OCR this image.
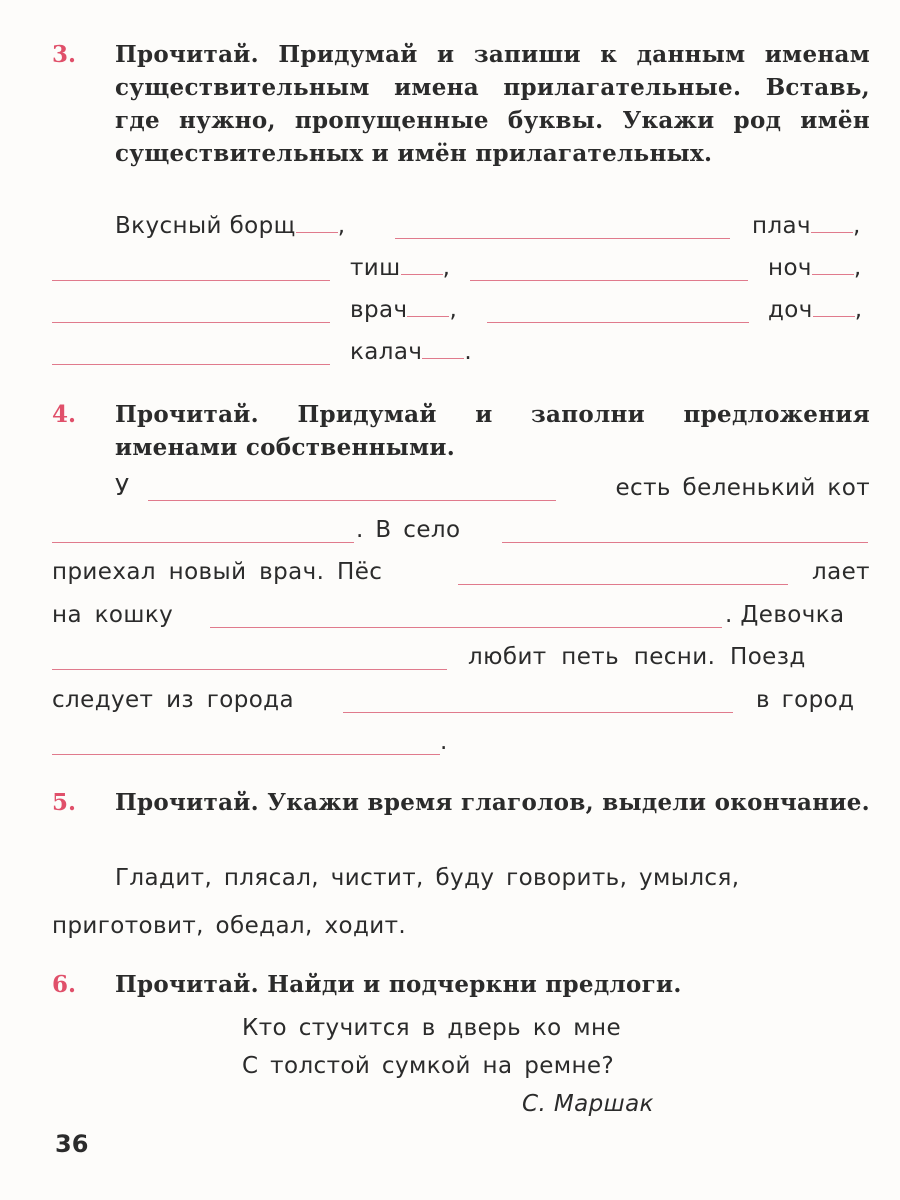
3. Прочитай. Придумай и запиши к данным именам существительным имена прилагательные. Вставь, где нужно, пропущенные буквы. Укажи род имён существительных и имён прилагательных.
Вкусный борщ ,	плач ,
тиш ,	ноч ,
врач ,	доч ,
калач .
4. Прочитай. Придумай и заполни предложения именами собственными.
У	есть беленький кот
. В село
приехал новый врач. Пёс	лает
на кошку	. Девочка
любит петь песни. Поезд
следует из города	в город
.
5. Прочитай. Укажи время глаголов, выдели окончание.
Гладит, плясал, чистит, буду говорить, умылся,
приготовит, обедал, ходит.
6. Прочитай. Найди и подчеркни предлоги.
Кто стучится в дверь ко мне
С толстой сумкой на ремне?
С. Маршак
36
